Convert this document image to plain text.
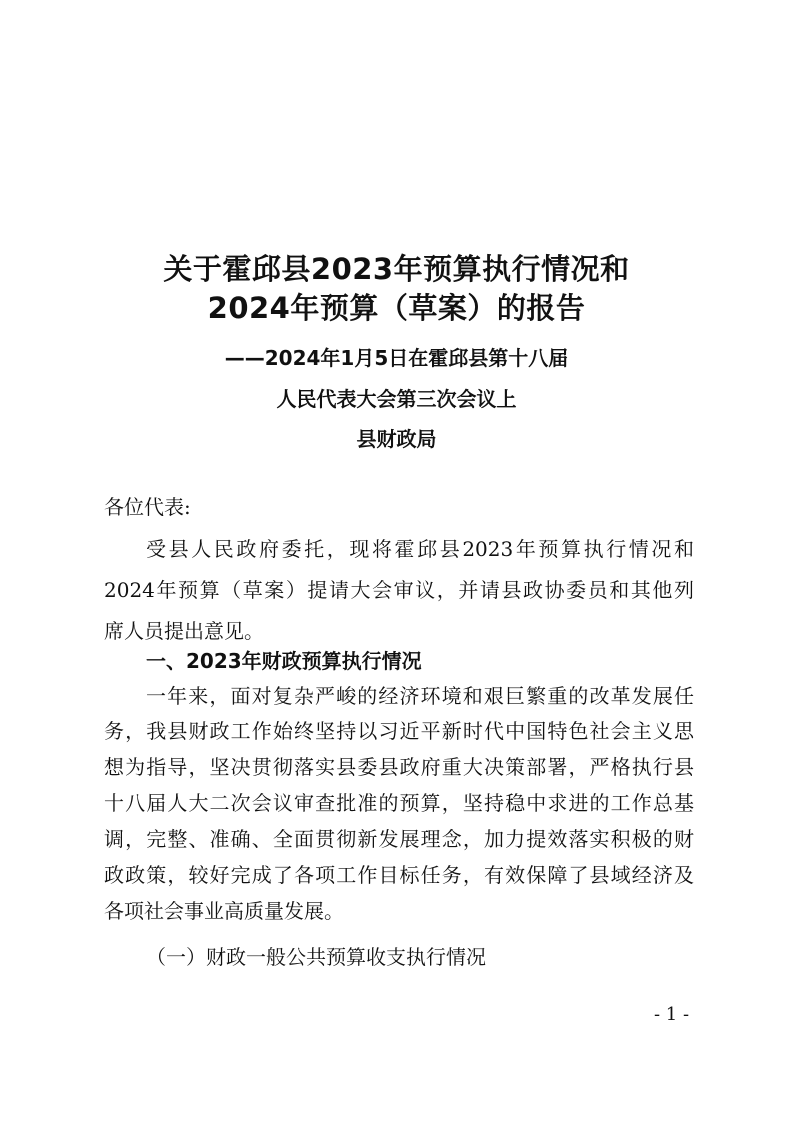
关于霍邱县2023年预算执行情况和
2024年预算（草案）的报告
——2024年1月5日在霍邱县第十八届
人民代表大会第三次会议上
县财政局
各位代表:
受县人民政府委托，现将霍邱县2023年预算执行情况和
2024年预算（草案）提请大会审议，并请县政协委员和其他列
席人员提出意见。
一、2023年财政预算执行情况
一年来，面对复杂严峻的经济环境和艰巨繁重的改革发展任
务，我县财政工作始终坚持以习近平新时代中国特色社会主义思
想为指导，坚决贯彻落实县委县政府重大决策部署，严格执行县
十八届人大二次会议审查批准的预算，坚持稳中求进的工作总基
调，完整、准确、全面贯彻新发展理念，加力提效落实积极的财
政政策，较好完成了各项工作目标任务，有效保障了县域经济及
各项社会事业高质量发展。
（一）财政一般公共预算收支执行情况
- 1 -
